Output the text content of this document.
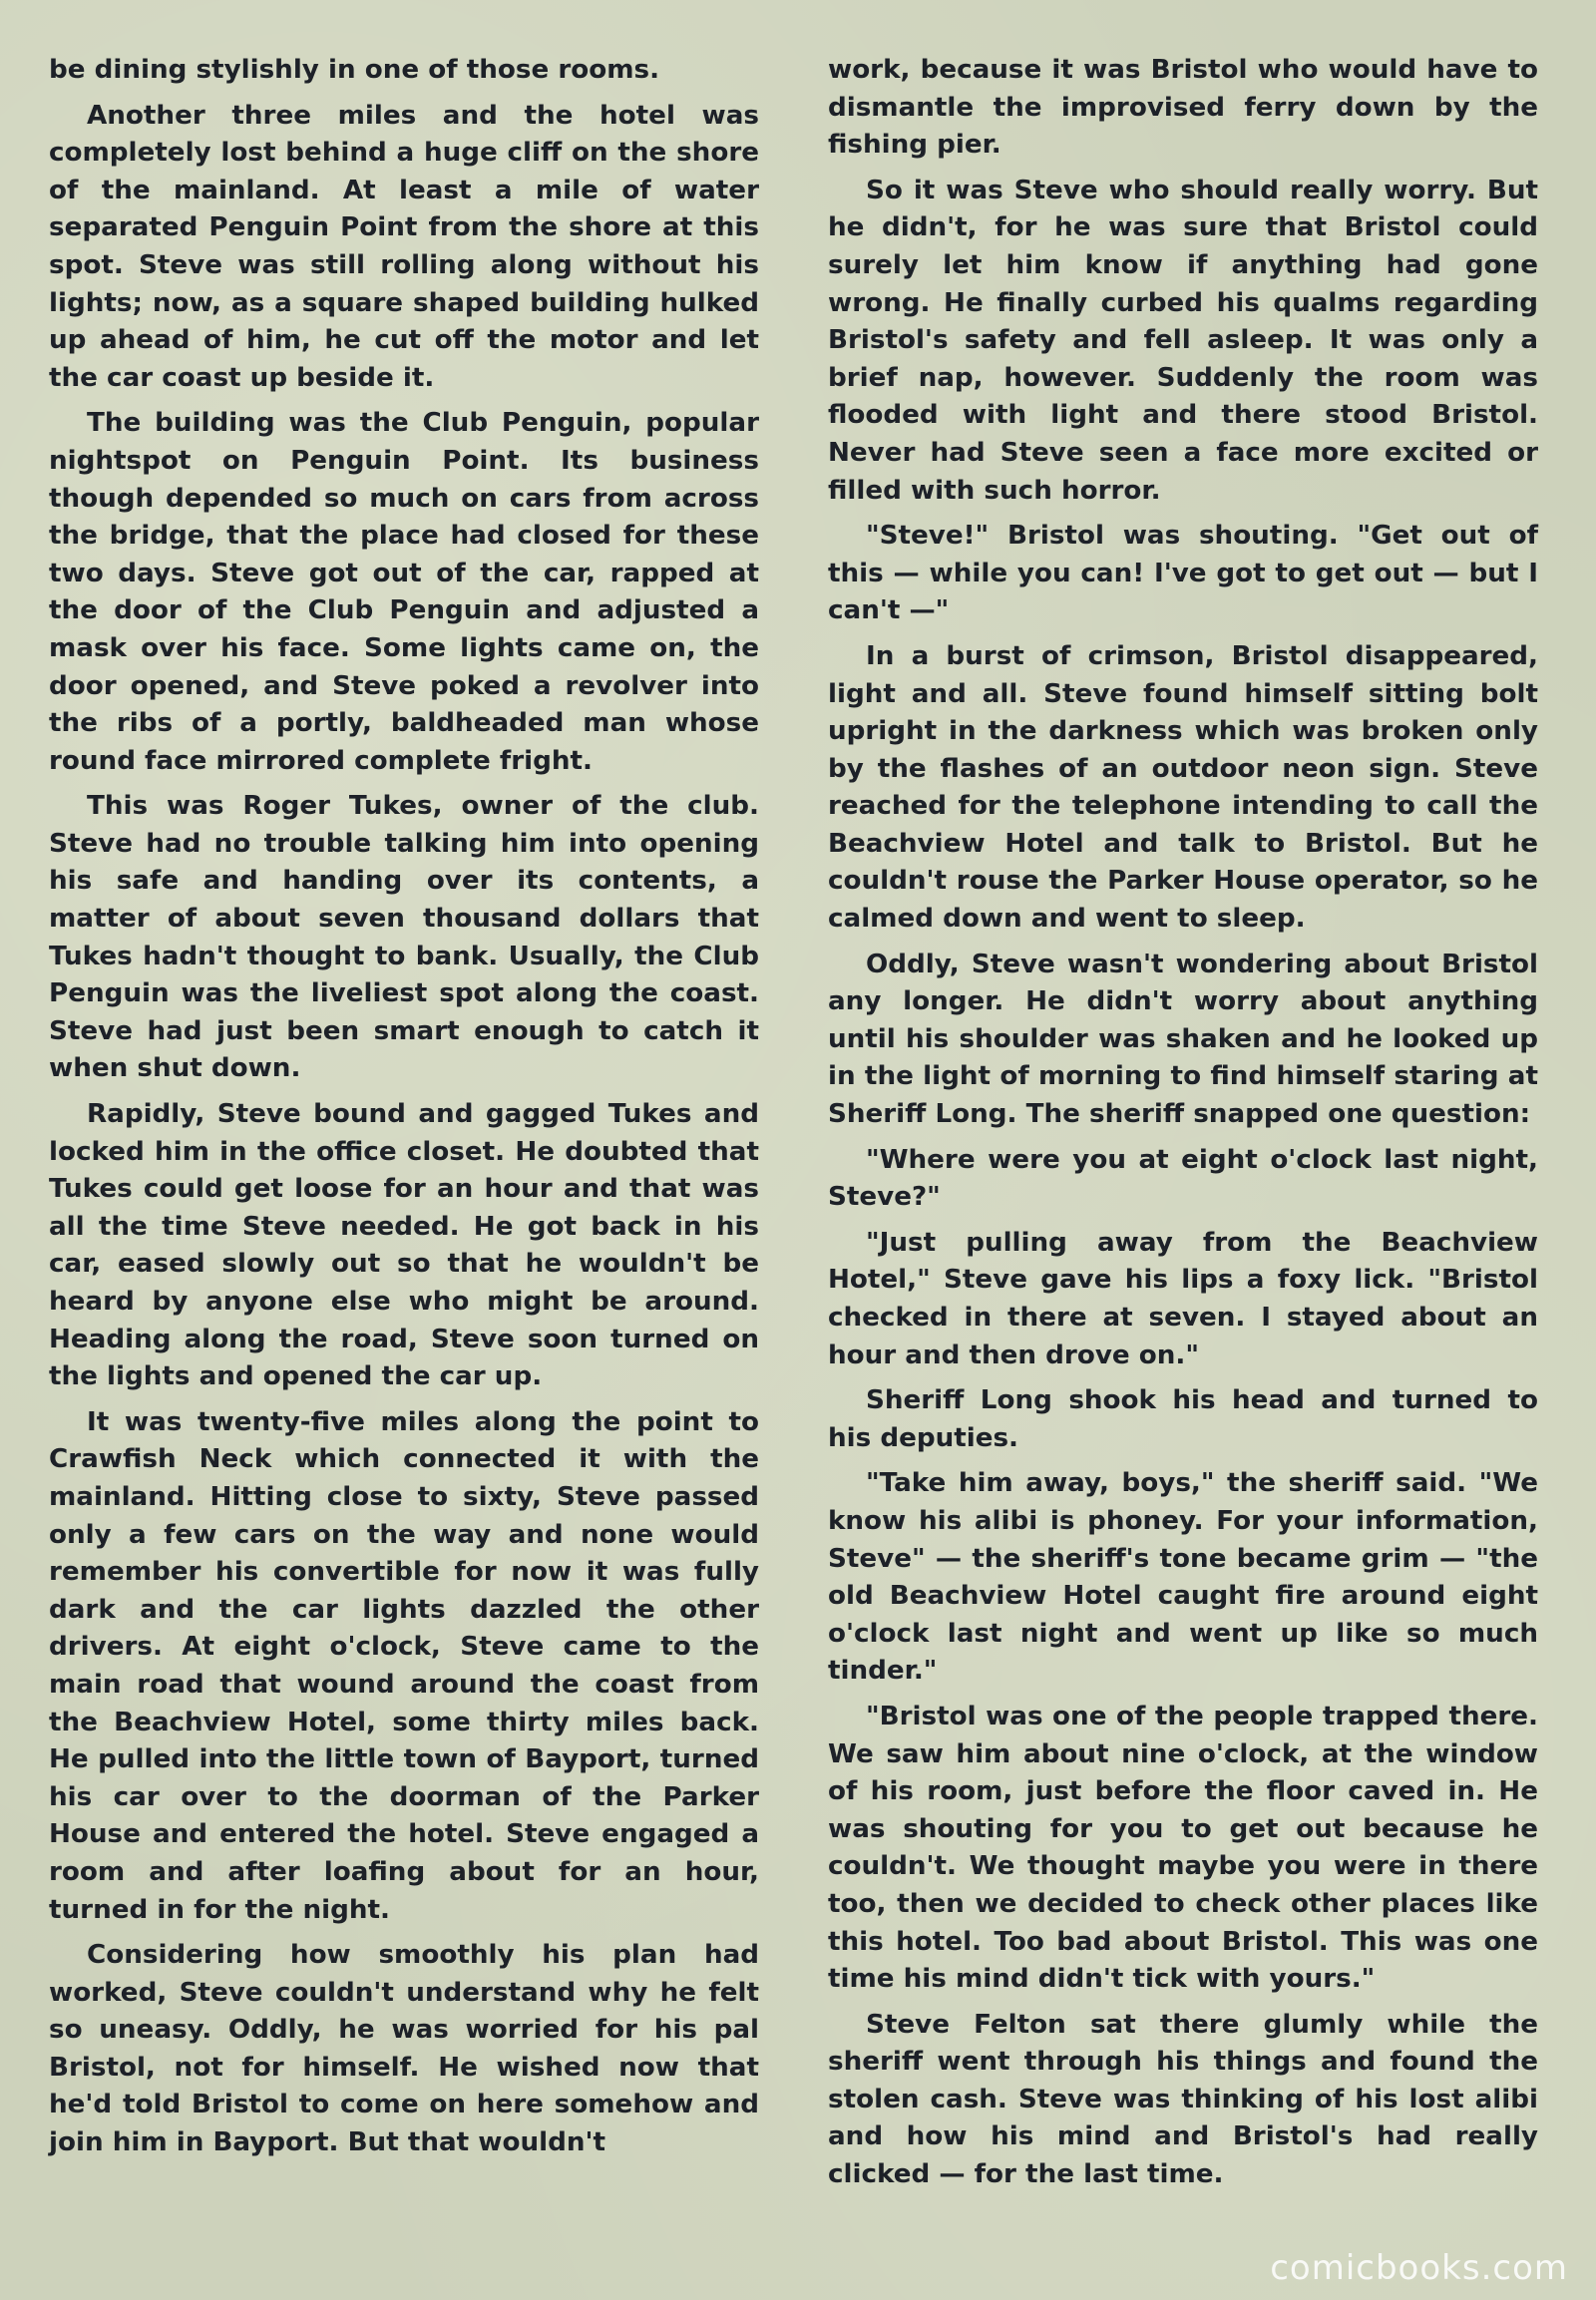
be dining stylishly in one of those rooms.

Another three miles and the hotel was completely lost behind a huge cliff on the shore of the mainland. At least a mile of water separated Penguin Point from the shore at this spot. Steve was still rolling along without his lights; now, as a square shaped building hulked up ahead of him, he cut off the motor and let the car coast up beside it.

The building was the Club Penguin, popular nightspot on Penguin Point. Its business though depended so much on cars from across the bridge, that the place had closed for these two days. Steve got out of the car, rapped at the door of the Club Penguin and adjusted a mask over his face. Some lights came on, the door opened, and Steve poked a revolver into the ribs of a portly, baldheaded man whose round face mirrored complete fright.

This was Roger Tukes, owner of the club. Steve had no trouble talking him into opening his safe and handing over its contents, a matter of about seven thousand dollars that Tukes hadn't thought to bank. Usually, the Club Penguin was the liveliest spot along the coast. Steve had just been smart enough to catch it when shut down.

Rapidly, Steve bound and gagged Tukes and locked him in the office closet. He doubted that Tukes could get loose for an hour and that was all the time Steve needed. He got back in his car, eased slowly out so that he wouldn't be heard by anyone else who might be around. Heading along the road, Steve soon turned on the lights and opened the car up.

It was twenty-five miles along the point to Crawfish Neck which connected it with the mainland. Hitting close to sixty, Steve passed only a few cars on the way and none would remember his convertible for now it was fully dark and the car lights dazzled the other drivers. At eight o'clock, Steve came to the main road that wound around the coast from the Beachview Hotel, some thirty miles back. He pulled into the little town of Bayport, turned his car over to the doorman of the Parker House and entered the hotel. Steve engaged a room and after loafing about for an hour, turned in for the night.

Considering how smoothly his plan had worked, Steve couldn't understand why he felt so uneasy. Oddly, he was worried for his pal Bristol, not for himself. He wished now that he'd told Bristol to come on here somehow and join him in Bayport. But that wouldn't

work, because it was Bristol who would have to dismantle the improvised ferry down by the fishing pier.

So it was Steve who should really worry. But he didn't, for he was sure that Bristol could surely let him know if anything had gone wrong. He finally curbed his qualms regarding Bristol's safety and fell asleep. It was only a brief nap, however. Suddenly the room was flooded with light and there stood Bristol. Never had Steve seen a face more excited or filled with such horror.

"Steve!" Bristol was shouting. "Get out of this — while you can! I've got to get out — but I can't —"

In a burst of crimson, Bristol disappeared, light and all. Steve found himself sitting bolt upright in the darkness which was broken only by the flashes of an outdoor neon sign. Steve reached for the telephone intending to call the Beachview Hotel and talk to Bristol. But he couldn't rouse the Parker House operator, so he calmed down and went to sleep.

Oddly, Steve wasn't wondering about Bristol any longer. He didn't worry about anything until his shoulder was shaken and he looked up in the light of morning to find himself staring at Sheriff Long. The sheriff snapped one question:

"Where were you at eight o'clock last night, Steve?"

"Just pulling away from the Beachview Hotel," Steve gave his lips a foxy lick. "Bristol checked in there at seven. I stayed about an hour and then drove on."

Sheriff Long shook his head and turned to his deputies.

"Take him away, boys," the sheriff said. "We know his alibi is phoney. For your information, Steve" — the sheriff's tone became grim — "the old Beachview Hotel caught fire around eight o'clock last night and went up like so much tinder."

"Bristol was one of the people trapped there. We saw him about nine o'clock, at the window of his room, just before the floor caved in. He was shouting for you to get out because he couldn't. We thought maybe you were in there too, then we decided to check other places like this hotel. Too bad about Bristol. This was one time his mind didn't tick with yours."

Steve Felton sat there glumly while the sheriff went through his things and found the stolen cash. Steve was thinking of his lost alibi and how his mind and Bristol's had really clicked — for the last time.

comicbooks.com
